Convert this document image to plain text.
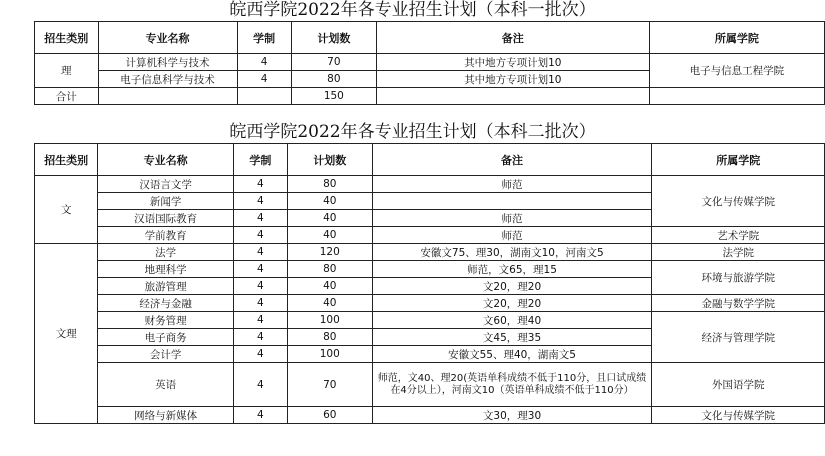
皖西学院2022年各专业招生计划（本科一批次）
招生类别	专业名称	学制	计划数	备注	所属学院
理	计算机科学与技术	4	70	其中地方专项计划10	电子与信息工程学院
	电子信息科学与技术	4	80	其中地方专项计划10	
合计			150		
皖西学院2022年各专业招生计划（本科二批次）
招生类别	专业名称	学制	计划数	备注	所属学院
文	汉语言文学	4	80	师范	文化与传媒学院
	新闻学	4	40		
	汉语国际教育	4	40	师范	
	学前教育	4	40	师范	艺术学院
文理	法学	4	120	安徽文75、理30，湖南文10，河南文5	法学院
	地理科学	4	80	师范，文65，理15	环境与旅游学院
	旅游管理	4	40	文20，理20	
	经济与金融	4	40	文20，理20	金融与数学学院
	财务管理	4	100	文60，理40	经济与管理学院
	电子商务	4	80	文45，理35	
	会计学	4	100	安徽文55、理40，湖南文5	
	英语	4	70	师范，文40、理20(英语单科成绩不低于110分，且口试成绩在4分以上），河南文10（英语单科成绩不低于110分）	外国语学院
	网络与新媒体	4	60	文30，理30	文化与传媒学院
